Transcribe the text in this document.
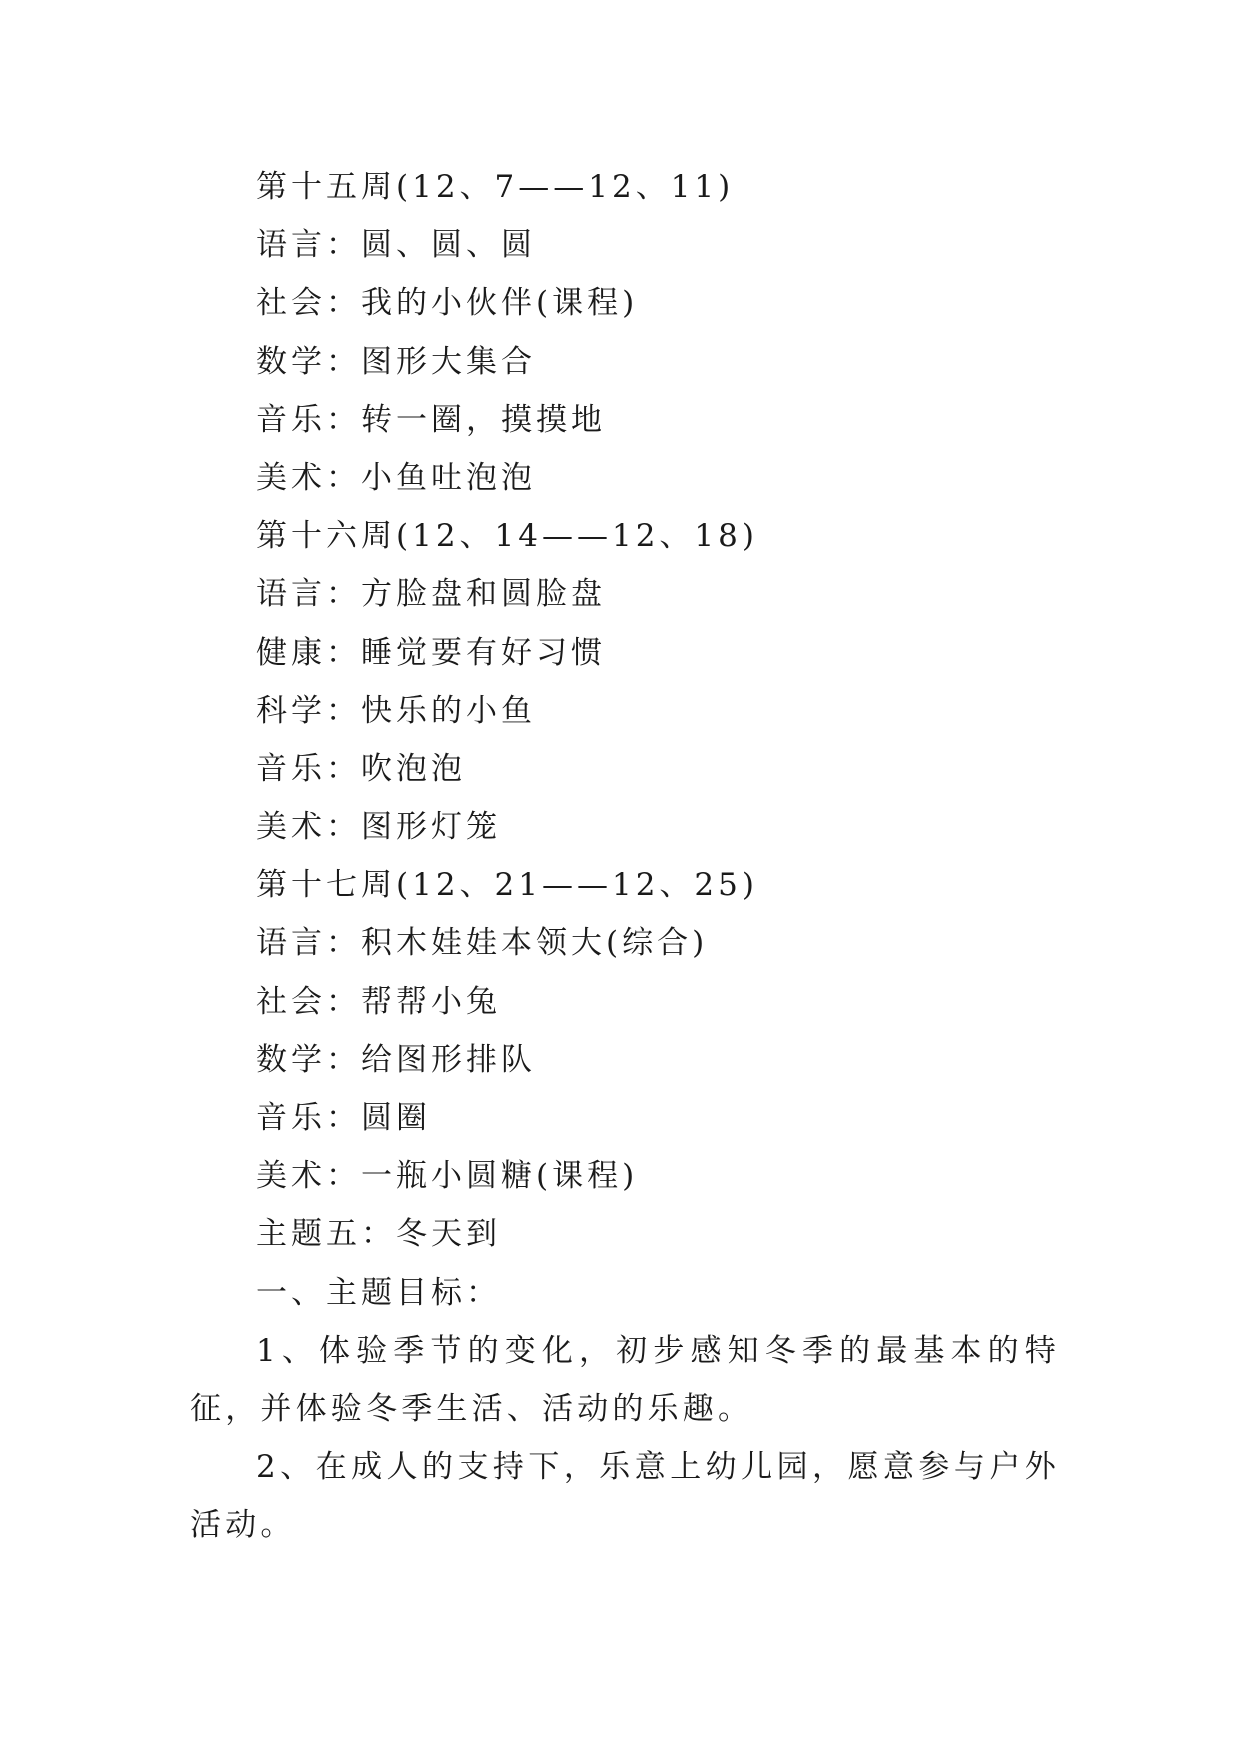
第十五周(12、7——12、11)
语言：圆、圆、圆
社会：我的小伙伴(课程)
数学：图形大集合
音乐：转一圈，摸摸地
美术：小鱼吐泡泡
第十六周(12、14——12、18)
语言：方脸盘和圆脸盘
健康：睡觉要有好习惯
科学：快乐的小鱼
音乐：吹泡泡
美术：图形灯笼
第十七周(12、21——12、25)
语言：积木娃娃本领大(综合)
社会：帮帮小兔
数学：给图形排队
音乐：圆圈
美术：一瓶小圆糖(课程)
主题五：冬天到
一、主题目标：

1、体验季节的变化，初步感知冬季的最基本的特征，并体验冬季生活、活动的乐趣。

2、在成人的支持下，乐意上幼儿园，愿意参与户外活动。
